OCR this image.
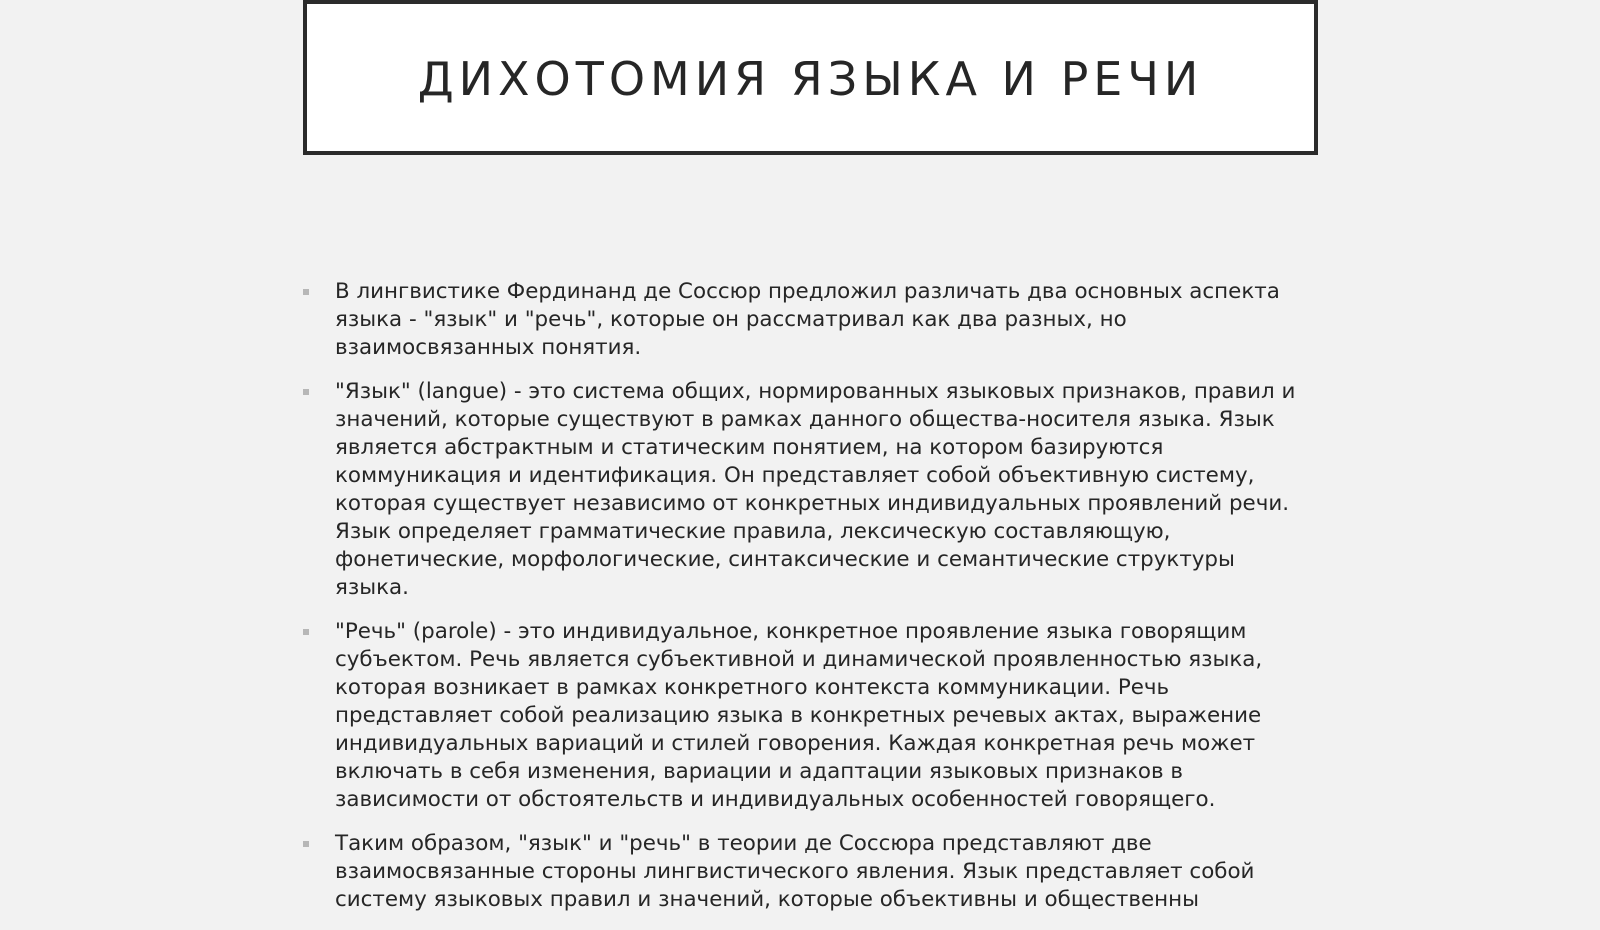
ДИХОТОМИЯ ЯЗЫКА И РЕЧИ
В лингвистике Фердинанд де Соссюр предложил различать два основных аспекта языка - "язык" и "речь", которые он рассматривал как два разных, но взаимосвязанных понятия.
"Язык" (langue) - это система общих, нормированных языковых признаков, правил и значений, которые существуют в рамках данного общества-носителя языка. Язык является абстрактным и статическим понятием, на котором базируются коммуникация и идентификация. Он представляет собой объективную систему, которая существует независимо от конкретных индивидуальных проявлений речи. Язык определяет грамматические правила, лексическую составляющую, фонетические, морфологические, синтаксические и семантические структуры языка.
"Речь" (parole) - это индивидуальное, конкретное проявление языка говорящим субъектом. Речь является субъективной и динамической проявленностью языка, которая возникает в рамках конкретного контекста коммуникации. Речь представляет собой реализацию языка в конкретных речевых актах, выражение индивидуальных вариаций и стилей говорения. Каждая конкретная речь может включать в себя изменения, вариации и адаптации языковых признаков в зависимости от обстоятельств и индивидуальных особенностей говорящего.
Таким образом, "язык" и "речь" в теории де Соссюра представляют две взаимосвязанные стороны лингвистического явления. Язык представляет собой систему языковых правил и значений, которые объективны и общественны
